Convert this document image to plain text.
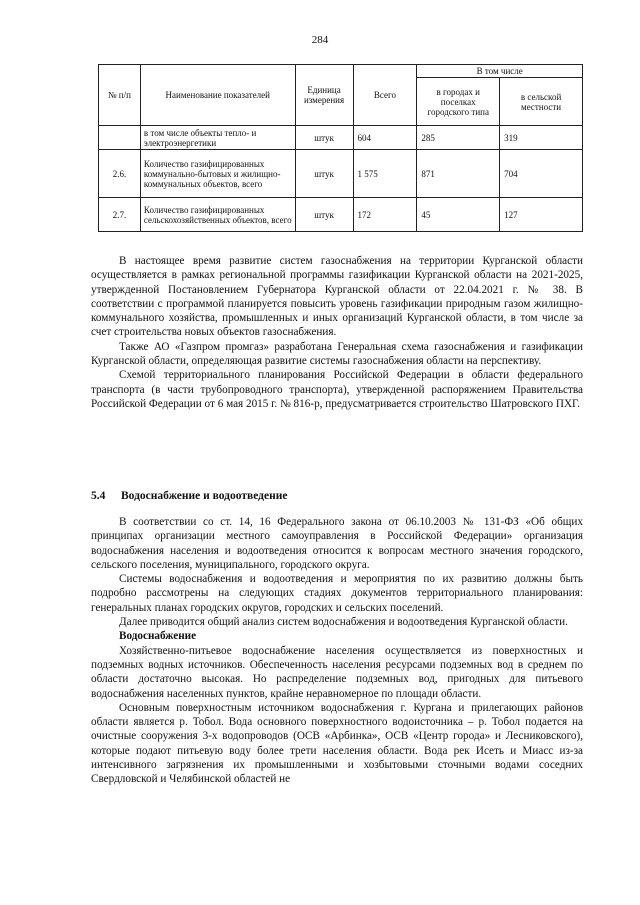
284
№ п/п	Наименование показателей	Единица измерения	Всего	В том числе	
				в городах и поселках городского типа	в сельской местности
	в том числе объекты тепло- и электроэнергетики	штук	604	285	319
2.6.	Количество газифицированных коммунально-бытовых и жилищно-коммунальных объектов, всего	штук	1 575	871	704
2.7.	Количество газифицированных сельскохозяйственных объектов, всего	штук	172	45	127

В настоящее время развитие систем газоснабжения на территории Курганской области осуществляется в рамках региональной программы газификации Курганской области на 2021-2025, утвержденной Постановлением Губернатора Курганской области от 22.04.2021 г. № 38. В соответствии с программой планируется повысить уровень газификации природным газом жилищно-коммунального хозяйства, промышленных и иных организаций Курганской области, в том числе за счет строительства новых объектов газоснабжения.

Также АО «Газпром промгаз» разработана Генеральная схема газоснабжения и газификации Курганской области, определяющая развитие системы газоснабжения области на перспективу.

Схемой территориального планирования Российской Федерации в области федерального транспорта (в части трубопроводного транспорта), утвержденной распоряжением Правительства Российской Федерации от 6 мая 2015 г. № 816-р, предусматривается строительство Шатровского ПХГ.

5.4 Водоснабжение и водоотведение

В соответствии со ст. 14, 16 Федерального закона от 06.10.2003 № 131-ФЗ «Об общих принципах организации местного самоуправления в Российской Федерации» организация водоснабжения населения и водоотведения относится к вопросам местного значения городского, сельского поселения, муниципального, городского округа.

Системы водоснабжения и водоотведения и мероприятия по их развитию должны быть подробно рассмотрены на следующих стадиях документов территориального планирования: генеральных планах городских округов, городских и сельских поселений.

Далее приводится общий анализ систем водоснабжения и водоотведения Курганской области.

Водоснабжение

Хозяйственно-питьевое водоснабжение населения осуществляется из поверхностных и подземных водных источников. Обеспеченность населения ресурсами подземных вод в среднем по области достаточно высокая. Но распределение подземных вод, пригодных для питьевого водоснабжения населенных пунктов, крайне неравномерное по площади области.

Основным поверхностным источником водоснабжения г. Кургана и прилегающих районов области является р. Тобол. Вода основного поверхностного водоисточника – р. Тобол подается на очистные сооружения 3-х водопроводов (ОСВ «Арбинка», ОСВ «Центр города» и Лесниковского), которые подают питьевую воду более трети населения области. Вода рек Исеть и Миасс из-за интенсивного загрязнения их промышленными и хозбытовыми сточными водами соседних Свердловской и Челябинской областей не
